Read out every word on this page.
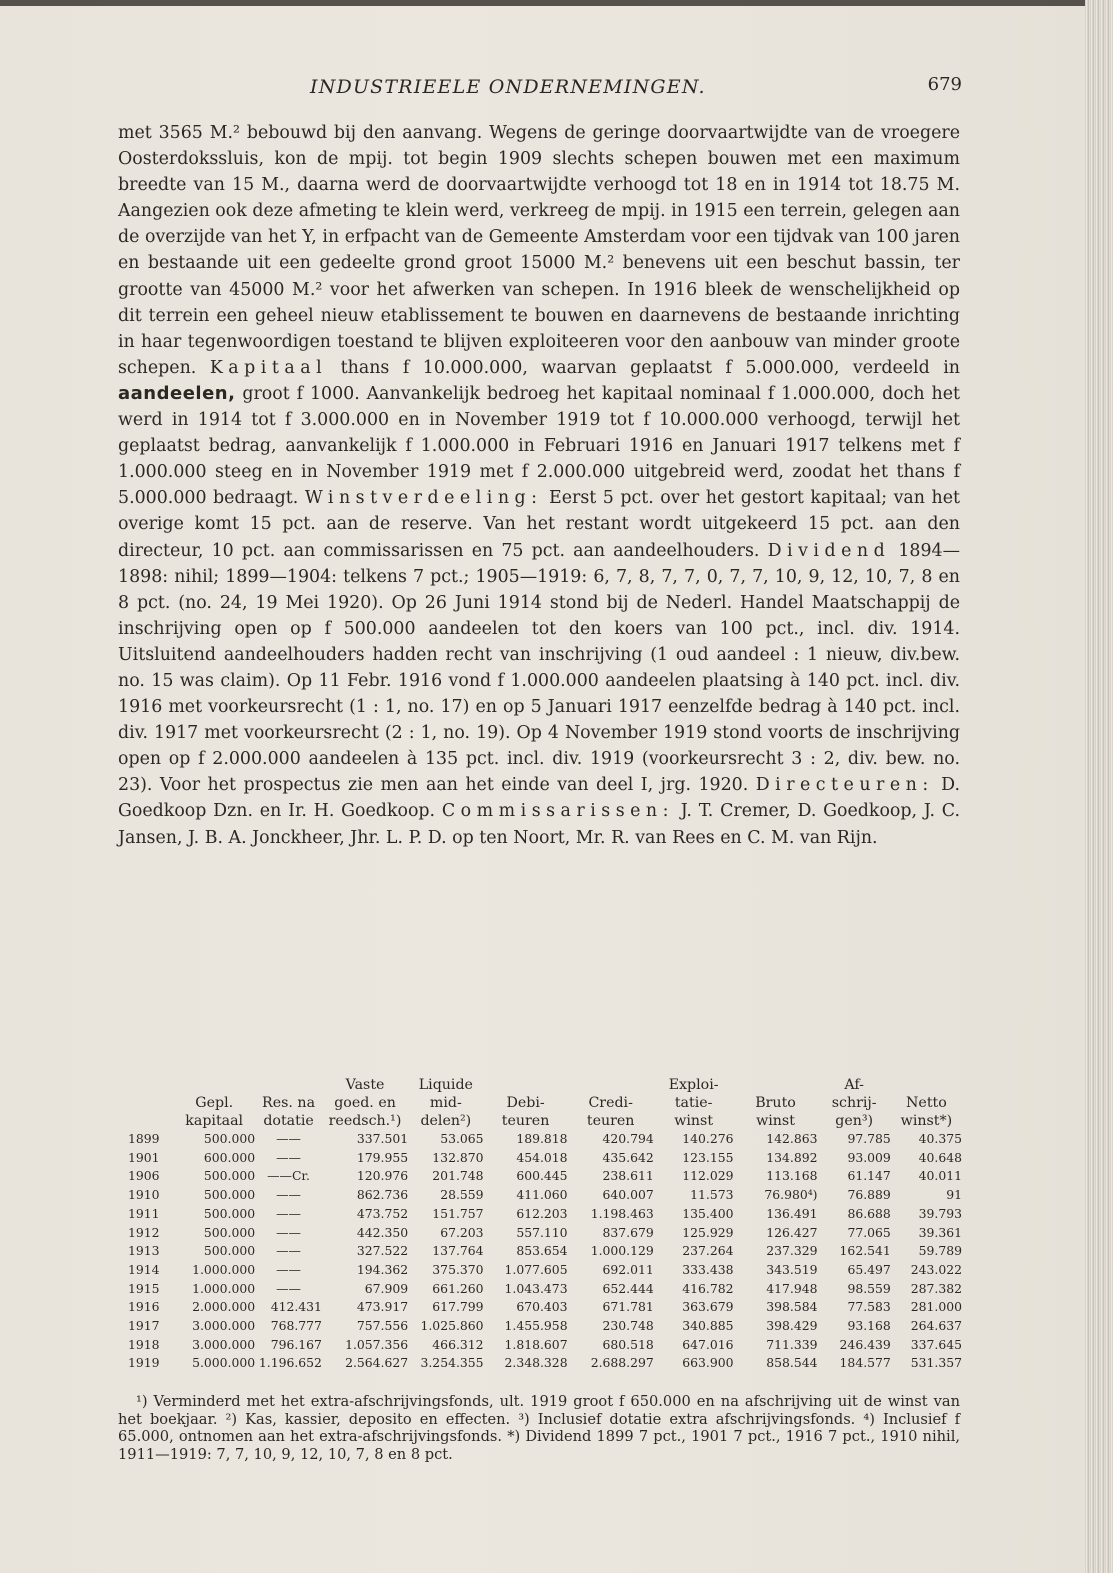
INDUSTRIEELE ONDERNEMINGEN.	679

met 3565 M.² bebouwd bij den aanvang. Wegens de geringe doorvaartwijdte van de vroegere Oosterdokssluis, kon de mpij. tot begin 1909 slechts schepen bouwen met een maximum breedte van 15 M., daarna werd de doorvaartwijdte verhoogd tot 18 en in 1914 tot 18.75 M. Aangezien ook deze afmeting te klein werd, verkreeg de mpij. in 1915 een terrein, gelegen aan de overzijde van het Y, in erfpacht van de Gemeente Amsterdam voor een tijdvak van 100 jaren en bestaande uit een gedeelte grond groot 15000 M.² benevens uit een beschut bassin, ter grootte van 45000 M.² voor het afwerken van schepen. In 1916 bleek de wenschelijkheid op dit terrein een geheel nieuw etablissement te bouwen en daarnevens de bestaande inrichting in haar tegenwoordigen toestand te blijven exploiteeren voor den aanbouw van minder groote schepen. Kapitaal thans f 10.000.000, waarvan geplaatst f 5.000.000, verdeeld in aandeelen, groot f 1000. Aanvankelijk bedroeg het kapitaal nominaal f 1.000.000, doch het werd in 1914 tot f 3.000.000 en in November 1919 tot f 10.000.000 verhoogd, terwijl het geplaatst bedrag, aanvankelijk f 1.000.000 in Februari 1916 en Januari 1917 telkens met f 1.000.000 steeg en in November 1919 met f 2.000.000 uitgebreid werd, zoodat het thans f 5.000.000 bedraagt. Winstverdeeling: Eerst 5 pct. over het gestort kapitaal; van het overige komt 15 pct. aan de reserve. Van het restant wordt uitgekeerd 15 pct. aan den directeur, 10 pct. aan commissarissen en 75 pct. aan aandeelhouders. Dividend 1894—1898: nihil; 1899—1904: telkens 7 pct.; 1905—1919: 6, 7, 8, 7, 7, 0, 7, 7, 10, 9, 12, 10, 7, 8 en 8 pct. (no. 24, 19 Mei 1920). Op 26 Juni 1914 stond bij de Nederl. Handel Maatschappij de inschrijving open op f 500.000 aandeelen tot den koers van 100 pct., incl. div. 1914. Uitsluitend aandeelhouders hadden recht van inschrijving (1 oud aandeel : 1 nieuw, div.bew. no. 15 was claim). Op 11 Febr. 1916 vond f 1.000.000 aandeelen plaatsing à 140 pct. incl. div. 1916 met voorkeursrecht (1 : 1, no. 17) en op 5 Januari 1917 eenzelfde bedrag à 140 pct. incl. div. 1917 met voorkeursrecht (2 : 1, no. 19). Op 4 November 1919 stond voorts de inschrijving open op f 2.000.000 aandeelen à 135 pct. incl. div. 1919 (voorkeursrecht 3 : 2, div. bew. no. 23). Voor het prospectus zie men aan het einde van deel I, jrg. 1920. Directeuren: D. Goedkoop Dzn. en Ir. H. Goedkoop. Commissarissen: J. T. Cremer, D. Goedkoop, J. C. Jansen, J. B. A. Jonckheer, Jhr. L. P. D. op ten Noort, Mr. R. van Rees en C. M. van Rijn.

			Vaste	Liquide			Exploi-		Af-	
	Gepl.	Res. na	goed. en	mid-	Debi-	Credi-	tatie-	Bruto	schrij-	Netto
	kapitaal	dotatie	reedsch.¹)	delen²)	teuren	teuren	winst	winst	gen³)	winst*)
1899	500.000	——	337.501	53.065	189.818	420.794	140.276	142.863	97.785	40.375
1901	600.000	——	179.955	132.870	454.018	435.642	123.155	134.892	93.009	40.648
1906	500.000	——Cr.	120.976	201.748	600.445	238.611	112.029	113.168	61.147	40.011
1910	500.000	——	862.736	28.559	411.060	640.007	11.573	76.980⁴)	76.889	91
1911	500.000	——	473.752	151.757	612.203	1.198.463	135.400	136.491	86.688	39.793
1912	500.000	——	442.350	67.203	557.110	837.679	125.929	126.427	77.065	39.361
1913	500.000	——	327.522	137.764	853.654	1.000.129	237.264	237.329	162.541	59.789
1914	1.000.000	——	194.362	375.370	1.077.605	692.011	333.438	343.519	65.497	243.022
1915	1.000.000	——	67.909	661.260	1.043.473	652.444	416.782	417.948	98.559	287.382
1916	2.000.000	412.431	473.917	617.799	670.403	671.781	363.679	398.584	77.583	281.000
1917	3.000.000	768.777	757.556	1.025.860	1.455.958	230.748	340.885	398.429	93.168	264.637
1918	3.000.000	796.167	1.057.356	466.312	1.818.607	680.518	647.016	711.339	246.439	337.645
1919	5.000.000	1.196.652	2.564.627	3.254.355	2.348.328	2.688.297	663.900	858.544	184.577	531.357

¹) Verminderd met het extra-afschrijvingsfonds, ult. 1919 groot f 650.000 en na afschrijving uit de winst van het boekjaar. ²) Kas, kassier, deposito en effecten. ³) Inclusief dotatie extra afschrijvingsfonds. ⁴) Inclusief f 65.000, ontnomen aan het extra-afschrijvingsfonds. *) Dividend 1899 7 pct., 1901 7 pct., 1916 7 pct., 1910 nihil, 1911—1919: 7, 7, 10, 9, 12, 10, 7, 8 en 8 pct.
